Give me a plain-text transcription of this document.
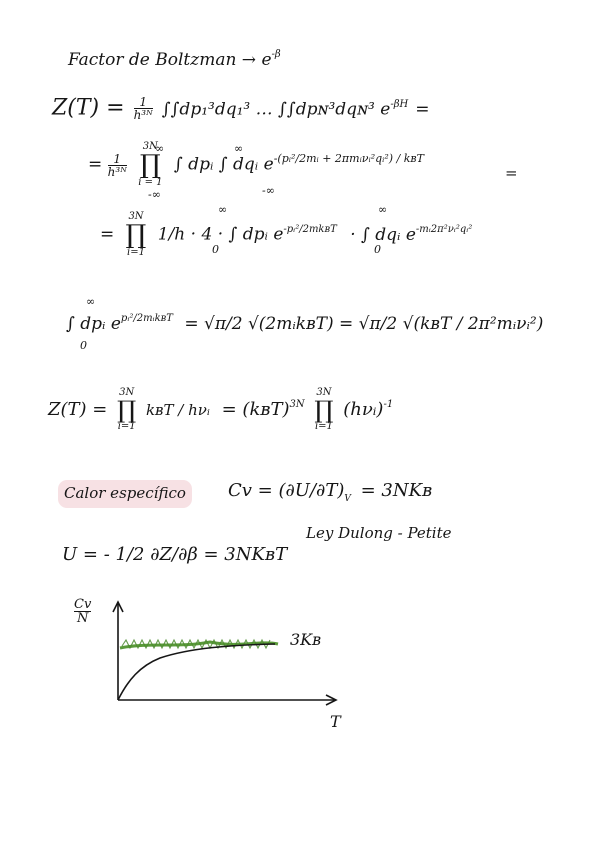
Factor de Boltzman → $e^{-\beta}$
$Z(T) = \frac{1}{\text{h³ᴺ}} \int\int dp_1^3dq_1^3$ … ∫∫dpɴ³dqɴ³ $e^{-\beta H}$ =
= $\frac{1}{\text{h³ᴺ}}$

3N
∏
i = 1
∫ dpᵢ ∫ dqᵢ $e^{-(pᵢ^2/2mᵢ + 2\pi mᵢ\nu ᵢ^2qᵢ^2) / kʙT}$
∞
-∞
∞
-∞
=
=
3N
∏
i=1
1/h · 4 · ∫ dpᵢ $e^{-pᵢ^2/2mkʙT}$ · ∫ dqᵢ $e^{-mᵢ2\pi^2\nu ᵢ^2qᵢ^2}$
∞
0
∞
0
∫ dpᵢ $e^{pᵢ^2/2mᵢkʙT} = √\pi/2$ √(2mᵢkʙT) = √π/2 √(kʙT / 2π²mᵢνᵢ²)
∞
0
Z(T) =
3N
∏
i=1
kʙT / hνᵢ = (kʙT)$^{3N}$
3N
∏
i=1
(hνᵢ)$^{-1}$
Calor específico $Cv = (\partial U/\partial T)_V$ = 3NKʙ
Ley Dulong - Petite
U = - 1/2 ∂Z/∂β = 3NKʙT
Cv
N
3Kʙ
T
